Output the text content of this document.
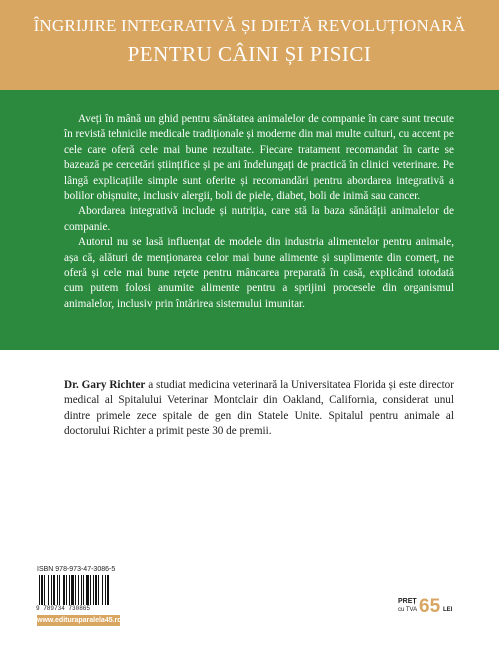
ÎNGRIJIRE INTEGRATIVĂ ȘI DIETĂ REVOLUȚIONARĂ
PENTRU CÂINI ȘI PISICI

Aveți în mână un ghid pentru sănătatea animalelor de companie în care sunt trecute în revistă tehnicile medicale tradiționale și moderne din mai multe culturi, cu accent pe cele care oferă cele mai bune rezultate. Fiecare tratament recomandat în carte se bazează pe cercetări științifice și pe ani îndelungați de practică în clinici veterinare. Pe lângă explicațiile simple sunt oferite și recomandări pentru abordarea integrativă a bolilor obișnuite, inclusiv alergii, boli de piele, diabet, boli de inimă sau cancer.

Abordarea integrativă include și nutriția, care stă la baza sănătății animalelor de companie.

Autorul nu se lasă influențat de modele din industria alimentelor pentru animale, așa că, alături de menționarea celor mai bune alimente și suplimente din comerț, ne oferă și cele mai bune rețete pentru mâncarea preparată în casă, explicând totodată cum putem folosi anumite alimente pentru a sprijini procesele din organismul animalelor, inclusiv prin întărirea sistemului imunitar.

Dr. Gary Richter a studiat medicina veterinară la Universitatea Florida și este director medical al Spitalului Veterinar Montclair din Oakland, California, considerat unul dintre primele zece spitale de gen din Statele Unite. Spitalul pentru animale al doctorului Richter a primit peste 30 de premii.
ISBN 978-973-47-3086-5
9 789734 730865
www.edituraparalela45.ro
PREȚ
cu TVA 65 LEI
